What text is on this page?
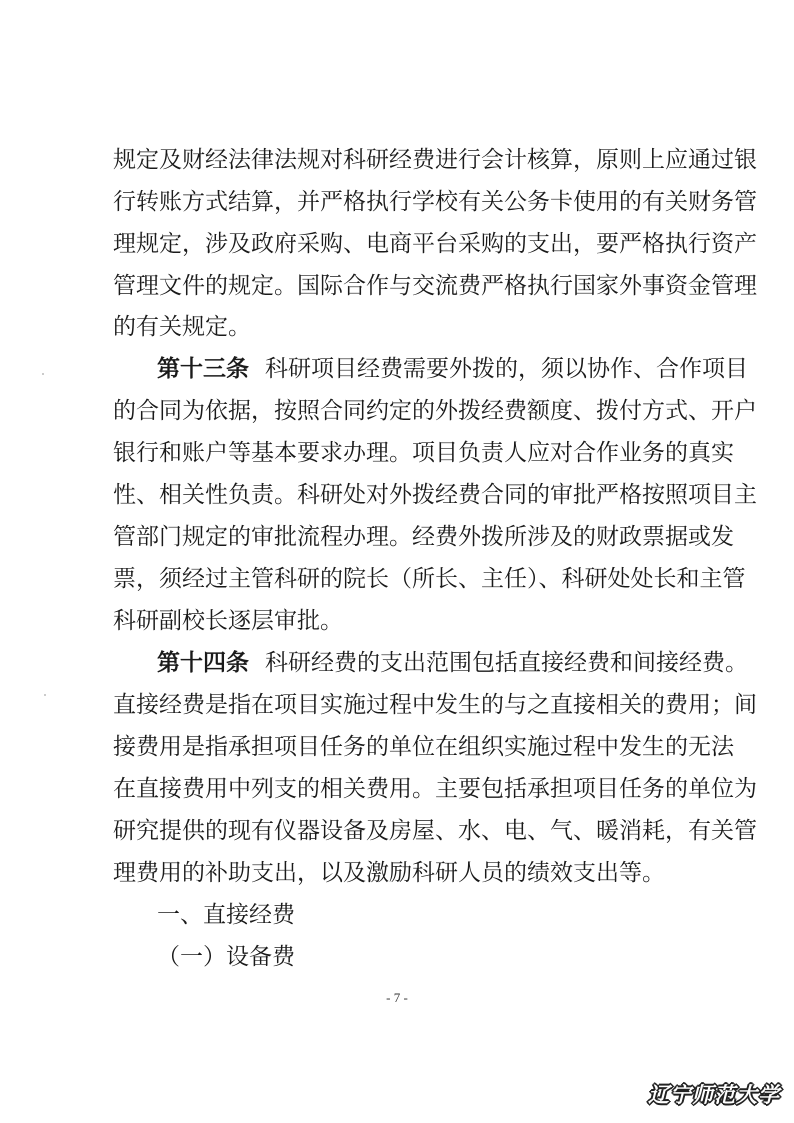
规定及财经法律法规对科研经费进行会计核算，原则上应通过银
行转账方式结算，并严格执行学校有关公务卡使用的有关财务管
理规定，涉及政府采购、电商平台采购的支出，要严格执行资产
管理文件的规定。国际合作与交流费严格执行国家外事资金管理
的有关规定。
第十三条 科研项目经费需要外拨的，须以协作、合作项目
的合同为依据，按照合同约定的外拨经费额度、拨付方式、开户
银行和账户等基本要求办理。项目负责人应对合作业务的真实
性、相关性负责。科研处对外拨经费合同的审批严格按照项目主
管部门规定的审批流程办理。经费外拨所涉及的财政票据或发
票，须经过主管科研的院长（所长、主任）、科研处处长和主管
科研副校长逐层审批。
第十四条 科研经费的支出范围包括直接经费和间接经费。
直接经费是指在项目实施过程中发生的与之直接相关的费用；间
接费用是指承担项目任务的单位在组织实施过程中发生的无法
在直接费用中列支的相关费用。主要包括承担项目任务的单位为
研究提供的现有仪器设备及房屋、水、电、气、暖消耗，有关管
理费用的补助支出，以及激励科研人员的绩效支出等。
一、直接经费
（一）设备费
- 7 -
辽宁师范大学
